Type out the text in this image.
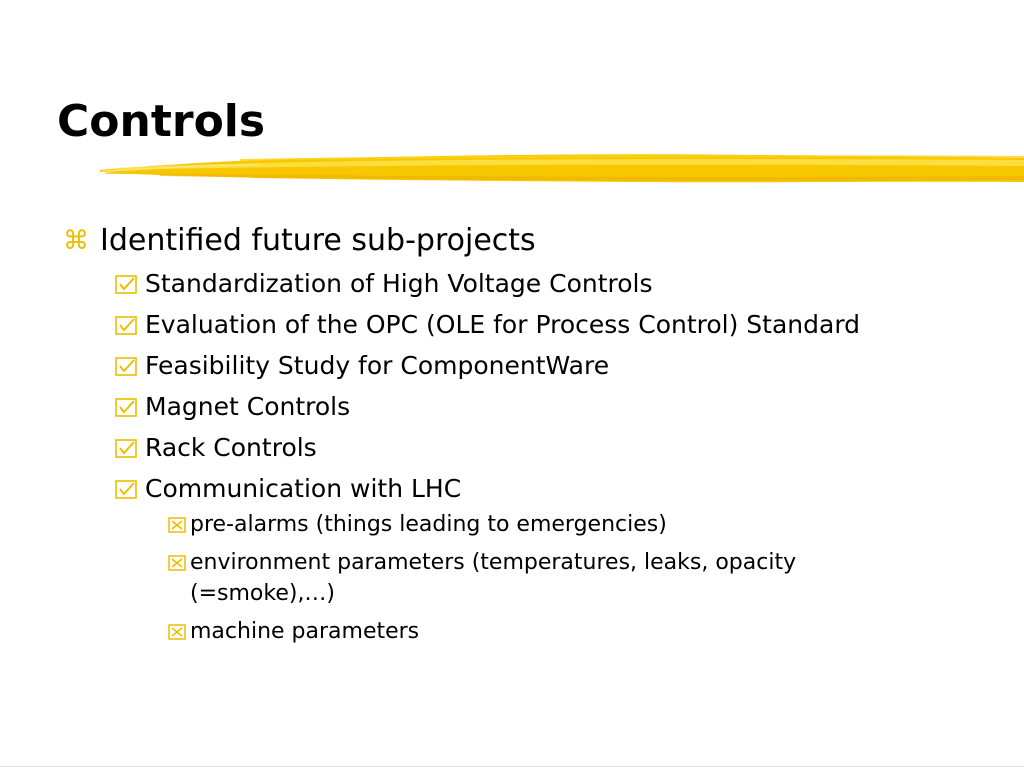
Controls
⌘
Identified future sub-projects
Standardization of High Voltage Controls
Evaluation of the OPC (OLE for Process Control) Standard
Feasibility Study for ComponentWare
Magnet Controls
Rack Controls
Communication with LHC
pre-alarms (things leading to emergencies)
environment parameters (temperatures, leaks, opacity (=smoke),…)
machine parameters
